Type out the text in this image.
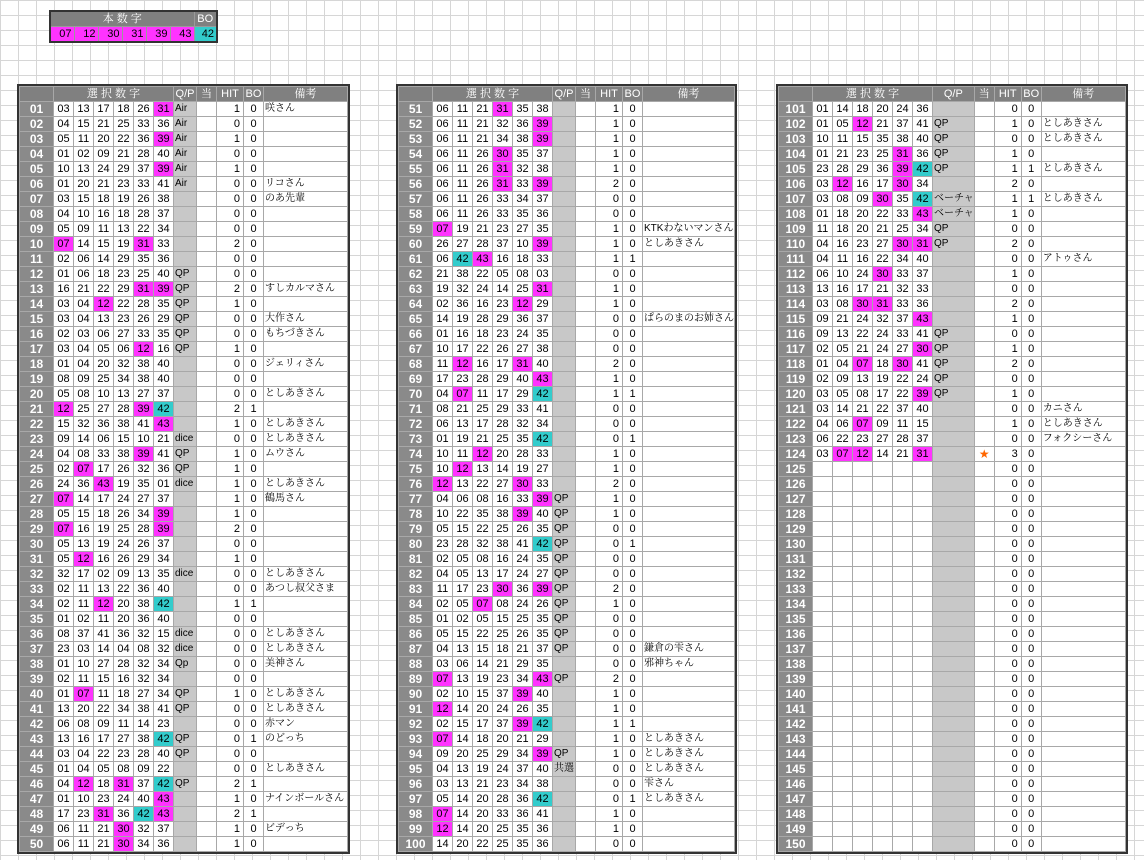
本 数 字						BO
07	12	30	31	39	43	42
	選 択 数 字						Q/P	当	HIT	BO	備考
01	03	13	17	18	26	31	Air		1	0	咲さん
02	04	15	21	25	33	36	Air		0	0	
03	05	11	20	22	36	39	Air		1	0	
04	01	02	09	21	28	40	Air		0	0	
05	10	13	24	29	37	39	Air		1	0	
06	01	20	21	23	33	41	Air		0	0	リコさん
07	03	15	18	19	26	38			0	0	のあ先輩
08	04	10	16	18	28	37			0	0	
09	05	09	11	13	22	34			0	0	
10	07	14	15	19	31	33			2	0	
11	02	06	14	29	35	36			0	0	
12	01	06	18	23	25	40	QP		0	0	
13	16	21	22	29	31	39	QP		2	0	すしカルマさん
14	03	04	12	22	28	35	QP		1	0	
15	03	04	13	23	26	29	QP		0	0	大作さん
16	02	03	06	27	33	35	QP		0	0	もちづきさん
17	03	04	05	06	12	16	QP		1	0	
18	01	04	20	32	38	40			0	0	ジェリィさん
19	08	09	25	34	38	40			0	0	
20	05	08	10	13	27	37			0	0	としあきさん
21	12	25	27	28	39	42			2	1	
22	15	32	36	38	41	43			1	0	としあきさん
23	09	14	06	15	10	21	dice		0	0	としあきさん
24	04	08	33	38	39	41	QP		1	0	ムウさん
25	02	07	17	26	32	36	QP		1	0	
26	24	36	43	19	35	01	dice		1	0	としあきさん
27	07	14	17	24	27	37			1	0	鶴馬さん
28	05	15	18	26	34	39			1	0	
29	07	16	19	25	28	39			2	0	
30	05	13	19	24	26	37			0	0	
31	05	12	16	26	29	34			1	0	
32	32	17	02	09	13	35	dice		0	0	としあきさん
33	02	11	13	22	36	40			0	0	あつし叔父さま
34	02	11	12	20	38	42			1	1	
35	01	02	11	20	36	40			0	0	
36	08	37	41	36	32	15	dice		0	0	としあきさん
37	23	03	14	04	08	32	dice		0	0	としあきさん
38	01	10	27	28	32	34	Qp		0	0	美神さん
39	02	11	15	16	32	34			0	0	
40	01	07	11	18	27	34	QP		1	0	としあきさん
41	13	20	22	34	38	41	QP		0	0	としあきさん
42	06	08	09	11	14	23			0	0	赤マン
43	13	16	17	27	38	42	QP		0	1	のどっち
44	03	04	22	23	28	40	QP		0	0	
45	01	04	05	08	09	22			0	0	としあきさん
46	04	12	18	31	37	42	QP		2	1	
47	01	10	23	24	40	43			1	0	ナインボールさん
48	17	23	31	36	42	43			2	1	
49	06	11	21	30	32	37			1	0	ビデっち
50	06	11	21	30	34	36			1	0	
	選 択 数 字						Q/P	当	HIT	BO	備考
51	06	11	21	31	35	38			1	0	
52	06	11	21	32	36	39			1	0	
53	06	11	21	34	38	39			1	0	
54	06	11	26	30	35	37			1	0	
55	06	11	26	31	32	38			1	0	
56	06	11	26	31	33	39			2	0	
57	06	11	26	33	34	37			0	0	
58	06	11	26	33	35	36			0	0	
59	07	19	21	23	27	35			1	0	KTKわないマンさん
60	26	27	28	37	10	39			1	0	としあきさん
61	06	42	43	16	18	33			1	1	
62	21	38	22	05	08	03			0	0	
63	19	32	24	14	25	31			1	0	
64	02	36	16	23	12	29			1	0	
65	14	19	28	29	36	37			0	0	ぱらのまのお姉さん
66	01	16	18	23	24	35			0	0	
67	10	17	22	26	27	38			0	0	
68	11	12	16	17	31	40			2	0	
69	17	23	28	29	40	43			1	0	
70	04	07	11	17	29	42			1	1	
71	08	21	25	29	33	41			0	0	
72	06	13	17	28	32	34			0	0	
73	01	19	21	25	35	42			0	1	
74	10	11	12	20	28	33			1	0	
75	10	12	13	14	19	27			1	0	
76	12	13	22	27	30	33			2	0	
77	04	06	08	16	33	39	QP		1	0	
78	10	22	35	38	39	40	QP		1	0	
79	05	15	22	25	26	35	QP		0	0	
80	23	28	32	38	41	42	QP		0	1	
81	02	05	08	16	24	35	QP		0	0	
82	04	05	13	17	24	27	QP		0	0	
83	11	17	23	30	36	39	QP		2	0	
84	02	05	07	08	24	26	QP		1	0	
85	01	02	05	15	25	35	QP		0	0	
86	05	15	22	25	26	35	QP		0	0	
87	04	13	15	18	21	37	QP		0	0	鎌倉の雫さん
88	03	06	14	21	29	35			0	0	邪神ちゃん
89	07	13	19	23	34	43	QP		2	0	
90	02	10	15	37	39	40			1	0	
91	12	14	20	24	26	35			1	0	
92	02	15	17	37	39	42			1	1	
93	07	14	18	20	21	29			1	0	としあきさん
94	09	20	25	29	34	39	QP		1	0	としあきさん
95	04	13	19	24	37	40	共選		0	0	としあきさん
96	03	13	21	23	34	38			0	0	雫さん
97	05	14	20	28	36	42			0	1	としあきさん
98	07	14	20	33	36	41			1	0	
99	12	14	20	25	35	36			1	0	
100	14	20	22	25	35	36			0	0	
	選 択 数 字						Q/P	当	HIT	BO	備考
101	01	14	18	20	24	36			0	0	
102	01	05	12	21	37	41	QP		1	0	としあきさん
103	10	11	15	35	38	40	QP		0	0	としあきさん
104	01	21	23	25	31	36	QP		1	0	
105	23	28	29	36	39	42	QP		1	1	としあきさん
106	03	12	16	17	30	34			2	0	
107	03	08	09	30	35	42	ベーチャ		1	1	としあきさん
108	01	18	20	22	33	43	ベーチャ		1	0	
109	11	18	20	21	25	34	QP		0	0	
110	04	16	23	27	30	31	QP		2	0	
111	04	11	16	22	34	40			0	0	アトゥさん
112	06	10	24	30	33	37			1	0	
113	13	16	17	21	32	33			0	0	
114	03	08	30	31	33	36			2	0	
115	09	21	24	32	37	43			1	0	
116	09	13	22	24	33	41	QP		0	0	
117	02	05	21	24	27	30	QP		1	0	
118	01	04	07	18	30	41	QP		2	0	
119	02	09	13	19	22	24	QP		0	0	
120	03	05	08	17	22	39	QP		1	0	
121	03	14	21	22	37	40			0	0	カニさん
122	04	06	07	09	11	15			1	0	としあきさん
123	06	22	23	27	28	37			0	0	フォクシーさん
124	03	07	12	14	21	31		★	3	0	
125									0	0	
126									0	0	
127									0	0	
128									0	0	
129									0	0	
130									0	0	
131									0	0	
132									0	0	
133									0	0	
134									0	0	
135									0	0	
136									0	0	
137									0	0	
138									0	0	
139									0	0	
140									0	0	
141									0	0	
142									0	0	
143									0	0	
144									0	0	
145									0	0	
146									0	0	
147									0	0	
148									0	0	
149									0	0	
150									0	0	
